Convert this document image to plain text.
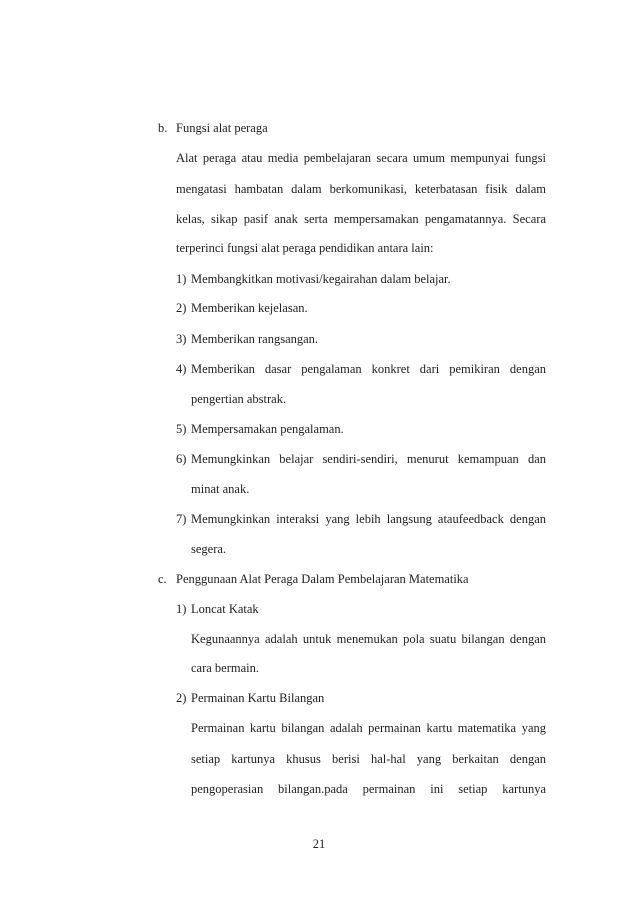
b. Fungsi alat peraga
Alat peraga atau media pembelajaran secara umum mempunyai fungsi
mengatasi hambatan dalam berkomunikasi, keterbatasan fisik dalam
kelas, sikap pasif anak serta mempersamakan pengamatannya. Secara
terperinci fungsi alat peraga pendidikan antara lain:
1) Membangkitkan motivasi/kegairahan dalam belajar.
2) Memberikan kejelasan.
3) Memberikan rangsangan.
4) Memberikan dasar pengalaman konkret dari pemikiran dengan
pengertian abstrak.
5) Mempersamakan pengalaman.
6) Memungkinkan belajar sendiri-sendiri, menurut kemampuan dan
minat anak.
7) Memungkinkan interaksi yang lebih langsung ataufeedback dengan
segera.
c. Penggunaan Alat Peraga Dalam Pembelajaran Matematika
1) Loncat Katak
Kegunaannya adalah untuk menemukan pola suatu bilangan dengan
cara bermain.
2) Permainan Kartu Bilangan
Permainan kartu bilangan adalah permainan kartu matematika yang
setiap kartunya khusus berisi hal-hal yang berkaitan dengan
pengoperasian bilangan.pada permainan ini setiap kartunya
21
